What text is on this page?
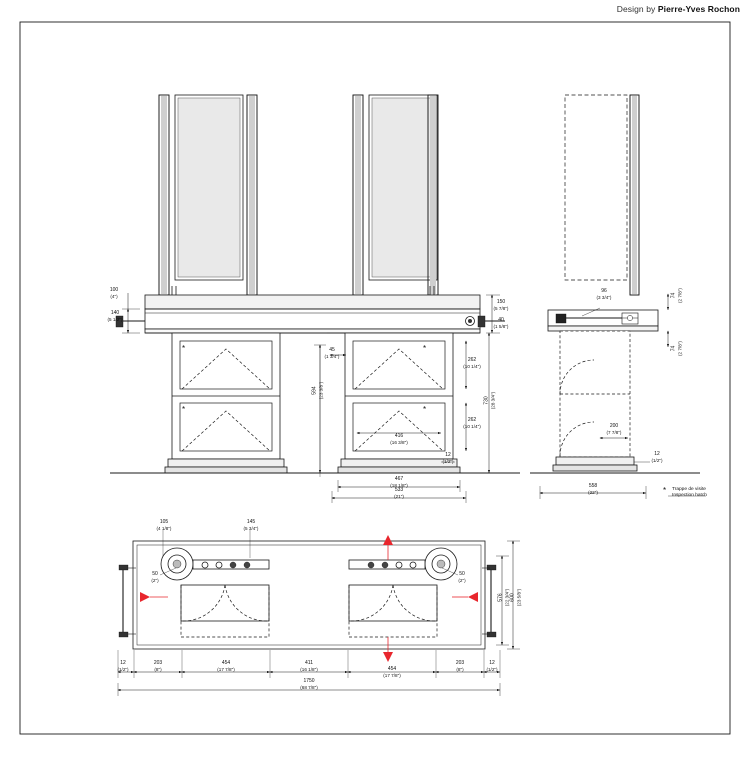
Design by Pierre-Yves Rochon
*
*
*
*
100
(4")
140
(5 1/2")
150
(5 7/8")
40
(1 5/8")
45
(1 3/4")
262
(10 1/4")
262
(10 1/4")
594 (23 3/8")
730 (28 3/4")
416
(16 3/8")
12
(1/2")
467
(18 1/8")
533
(21")
96
(3 3/4")	74 (2 7/8")
74 (2 7/8")
200
(7 7/8")
12
(1/2")
558
(22")	* Trappe de visite
Inspection hatch
105
(4 1/8")
145
(5 3/4")
50
(2")
50
(2")
576 (22 3/4") 600 (23 5/8")
12
(1/2")
203
(8")
454
(17 7/8")
411
(16 1/8")	454
(17 7/8")
203
(8")
12
(1/2")
1750
(68 7/8")
